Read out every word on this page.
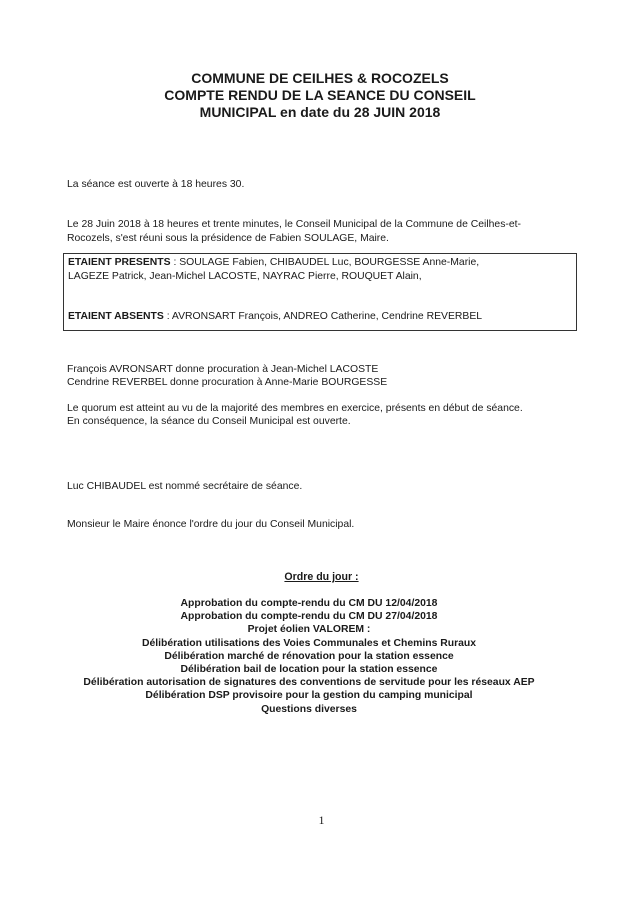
COMMUNE DE CEILHES & ROCOZELS
COMPTE RENDU DE LA SEANCE DU CONSEIL
MUNICIPAL en date du 28 JUIN 2018
La séance est ouverte à 18 heures 30.
Le 28 Juin 2018 à 18 heures et trente minutes, le Conseil Municipal de la Commune de Ceilhes-et-
Rocozels, s'est réuni sous la présidence de Fabien SOULAGE, Maire.
ETAIENT PRESENTS : SOULAGE Fabien, CHIBAUDEL Luc, BOURGESSE Anne-Marie,
LAGEZE Patrick, Jean-Michel LACOSTE, NAYRAC Pierre, ROUQUET Alain,
ETAIENT ABSENTS : AVRONSART François, ANDREO Catherine, Cendrine REVERBEL
François AVRONSART donne procuration à Jean-Michel LACOSTE
Cendrine REVERBEL donne procuration à Anne-Marie BOURGESSE
Le quorum est atteint au vu de la majorité des membres en exercice, présents en début de séance.
En conséquence, la séance du Conseil Municipal est ouverte.
Luc CHIBAUDEL est nommé secrétaire de séance.
Monsieur le Maire énonce l'ordre du jour du Conseil Municipal.
Ordre du jour :
Approbation du compte-rendu du CM DU 12/04/2018
Approbation du compte-rendu du CM DU 27/04/2018
Projet éolien VALOREM :
Délibération utilisations des Voies Communales et Chemins Ruraux
Délibération marché de rénovation pour la station essence
Délibération bail de location pour la station essence
Délibération autorisation de signatures des conventions de servitude pour les réseaux AEP
Délibération DSP provisoire pour la gestion du camping municipal
Questions diverses
1
